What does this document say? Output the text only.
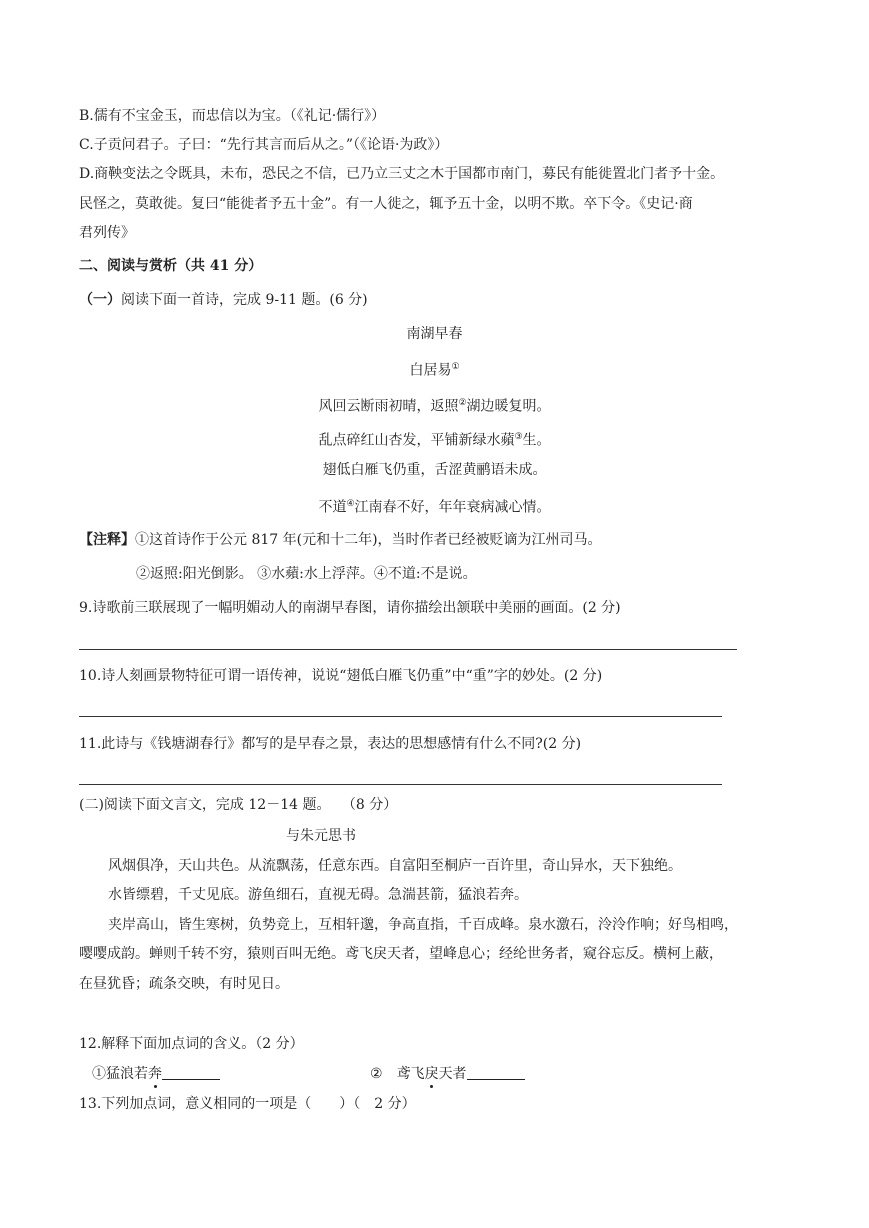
B.儒有不宝金玉，而忠信以为宝。（《礼记·儒行》）
C.子贡问君子。子曰：“先行其言而后从之。”（《论语·为政》）
D.商鞅变法之令既具，未布，恐民之不信，已乃立三丈之木于国都市南门，募民有能徙置北门者予十金。
民怪之，莫敢徙。复曰“能徙者予五十金”。有一人徙之，辄予五十金，以明不欺。卒下令。《史记·商
君列传》
二、阅读与赏析（共 41 分）
（一）阅读下面一首诗，完成 9-11 题。(6 分)
南湖早春
白居易①
风回云断雨初晴，返照②湖边暖复明。
乱点碎红山杏发，平铺新绿水蘋③生。
翅低白雁飞仍重，舌涩黄鹂语未成。
不道④江南春不好，年年衰病减心情。
【注释】①这首诗作于公元 817 年(元和十二年)，当时作者已经被贬谪为江州司马。
②返照:阳光倒影。 ③水蘋:水上浮萍。④不道:不是说。
9.诗歌前三联展现了一幅明媚动人的南湖早春图，请你描绘出颔联中美丽的画面。(2 分)
10.诗人刻画景物特征可谓一语传神，说说“翅低白雁飞仍重”中“重”字的妙处。(2 分)
11.此诗与《钱塘湖春行》都写的是早春之景，表达的思想感情有什么不同?(2 分)
(二)阅读下面文言文，完成 12－14 题。　 （8 分）
与朱元思书
风烟俱净，天山共色。从流飘荡，任意东西。自富阳至桐庐一百许里，奇山异水，天下独绝。
水皆缥碧，千丈见底。游鱼细石，直视无碍。急湍甚箭，猛浪若奔。
夹岸高山，皆生寒树，负势竞上，互相轩邈，争高直指，千百成峰。泉水激石，泠泠作响；好鸟相鸣，
嘤嘤成韵。蝉则千转不穷，猿则百叫无绝。鸢飞戾天者，望峰息心；经纶世务者，窥谷忘反。横柯上蔽，
在昼犹昏；疏条交映，有时见日。
12.解释下面加点词的含义。（2 分）
①猛浪若奔	② 鸢飞戾天者
13.下列加点词，意义相同的一项是（ ）（　2 分）
